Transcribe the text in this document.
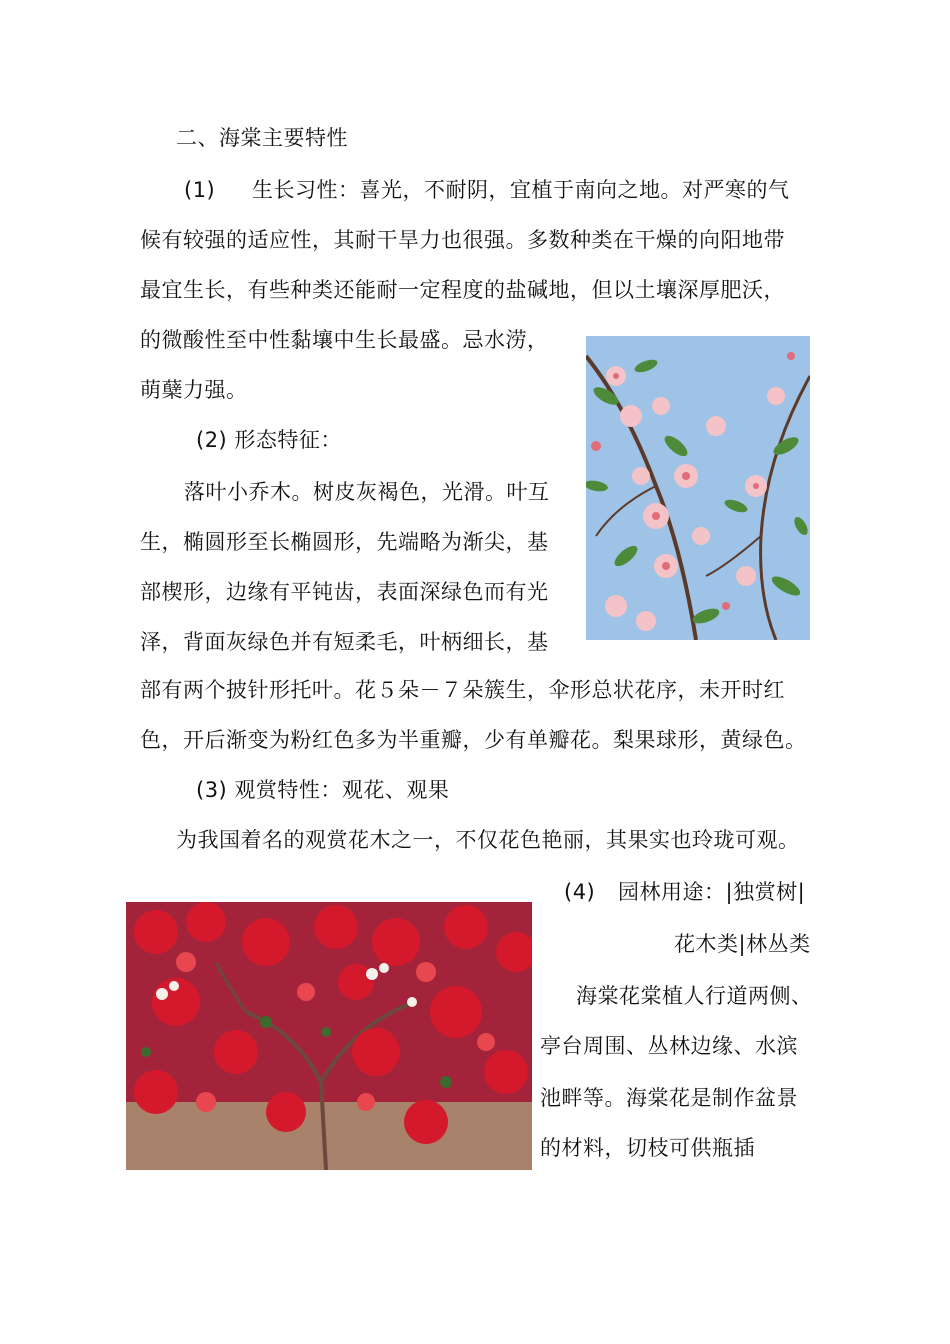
二、海棠主要特性
(1) 生长习性：喜光，不耐阴，宜植于南向之地。对严寒的气
候有较强的适应性，其耐干旱力也很强。多数种类在干燥的向阳地带
最宜生长，有些种类还能耐一定程度的盐碱地，但以土壤深厚肥沃，
的微酸性至中性黏壤中生长最盛。忌水涝，
萌蘖力强。
(2) 形态特征：
落叶小乔木。树皮灰褐色，光滑。叶互
生，椭圆形至长椭圆形，先端略为渐尖，基
部楔形，边缘有平钝齿，表面深绿色而有光
泽，背面灰绿色并有短柔毛，叶柄细长，基
部有两个披针形托叶。花５朵－７朵簇生，伞形总状花序，未开时红
色，开后渐变为粉红色多为半重瓣，少有单瓣花。梨果球形，黄绿色。
(3) 观赏特性：观花、观果
为我国着名的观赏花木之一，不仅花色艳丽，其果实也玲珑可观。
(4) 园林用途：|独赏树|
花木类|林丛类
海棠花棠植人行道两侧、
亭台周围、丛林边缘、水滨
池畔等。海棠花是制作盆景
的材料，切枝可供瓶插
